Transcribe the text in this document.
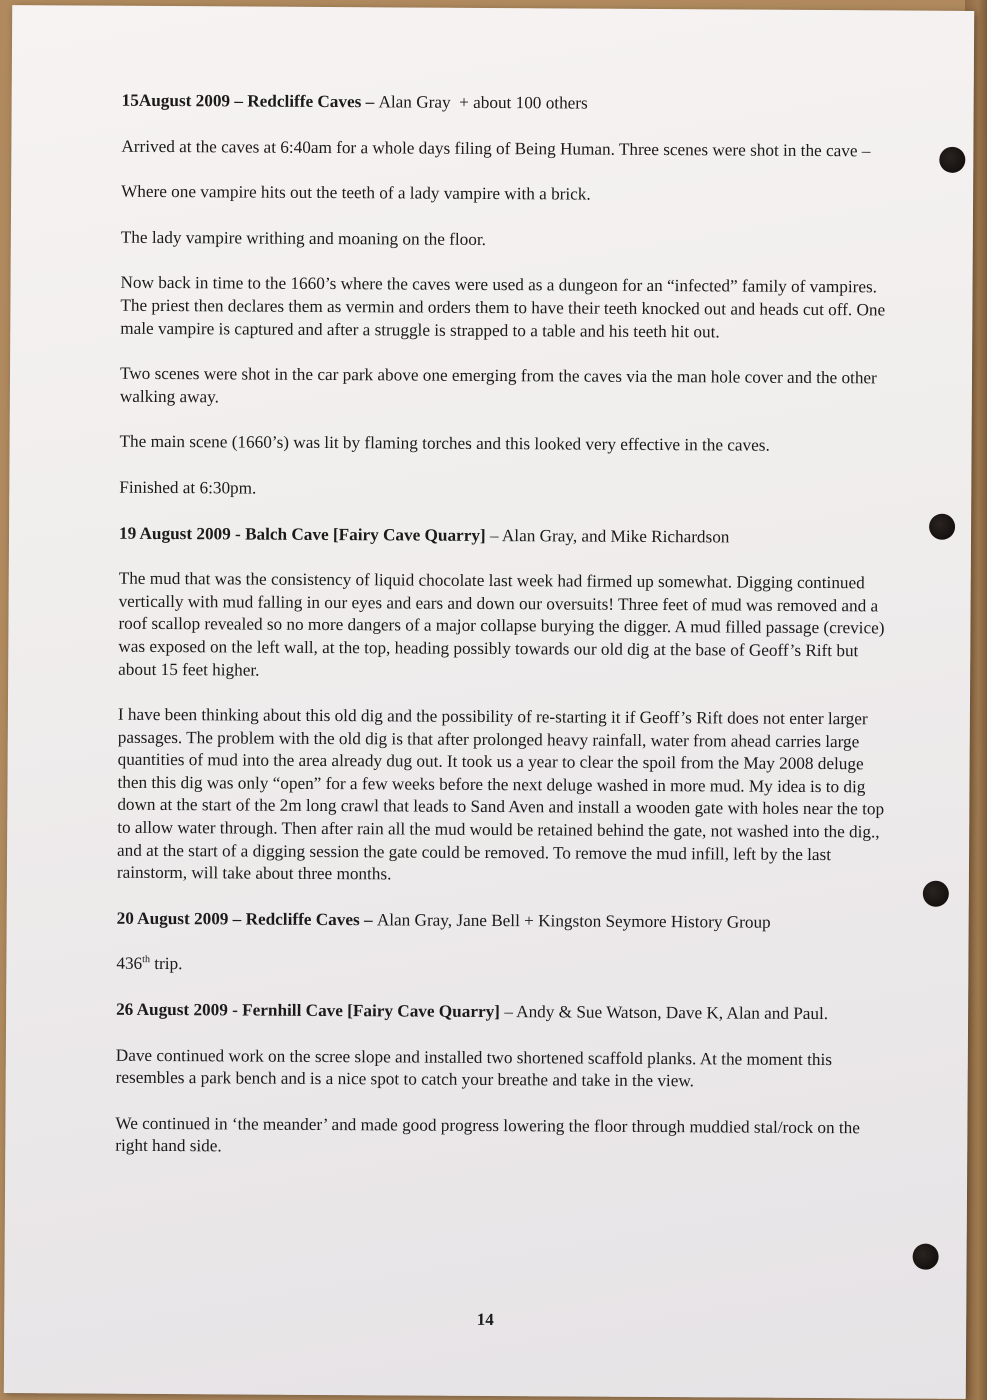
15August 2009 – Redcliffe Caves – Alan Gray  + about 100 others

Arrived at the caves at 6:40am for a whole days filing of Being Human. Three scenes were shot in the cave –

Where one vampire hits out the teeth of a lady vampire with a brick.

The lady vampire writhing and moaning on the floor.

Now back in time to the 1660’s where the caves were used as a dungeon for an “infected” family of vampires. The priest then declares them as vermin and orders them to have their teeth knocked out and heads cut off. One male vampire is captured and after a struggle is strapped to a table and his teeth hit out.

Two scenes were shot in the car park above one emerging from the caves via the man hole cover and the other walking away.

The main scene (1660’s) was lit by flaming torches and this looked very effective in the caves.

Finished at 6:30pm.

19 August 2009 - Balch Cave [Fairy Cave Quarry] – Alan Gray, and Mike Richardson

The mud that was the consistency of liquid chocolate last week had firmed up somewhat. Digging continued vertically with mud falling in our eyes and ears and down our oversuits! Three feet of mud was removed and a roof scallop revealed so no more dangers of a major collapse burying the digger. A mud filled passage (crevice) was exposed on the left wall, at the top, heading possibly towards our old dig at the base of Geoff’s Rift but about 15 feet higher.

I have been thinking about this old dig and the possibility of re-starting it if Geoff’s Rift does not enter larger passages. The problem with the old dig is that after prolonged heavy rainfall, water from ahead carries large quantities of mud into the area already dug out. It took us a year to clear the spoil from the May 2008 deluge then this dig was only “open” for a few weeks before the next deluge washed in more mud. My idea is to dig down at the start of the 2m long crawl that leads to Sand Aven and install a wooden gate with holes near the top to allow water through. Then after rain all the mud would be retained behind the gate, not washed into the dig., and at the start of a digging session the gate could be removed. To remove the mud infill, left by the last rainstorm, will take about three months.

20 August 2009 – Redcliffe Caves – Alan Gray, Jane Bell + Kingston Seymore History Group

436th trip.

26 August 2009 - Fernhill Cave [Fairy Cave Quarry] – Andy & Sue Watson, Dave K, Alan and Paul.

Dave continued work on the scree slope and installed two shortened scaffold planks. At the moment this resembles a park bench and is a nice spot to catch your breathe and take in the view.

We continued in ‘the meander’ and made good progress lowering the floor through muddied stal/rock on the right hand side.

14
